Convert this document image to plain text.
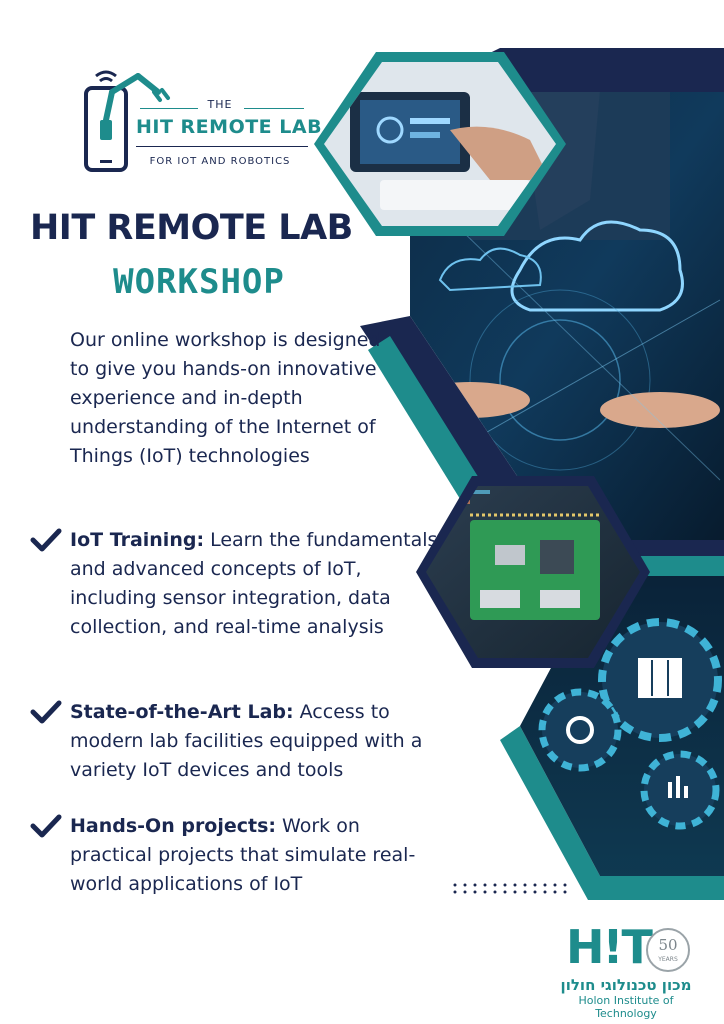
THE
HIT REMOTE LAB
FOR IOT AND ROBOTICS
HIT REMOTE LAB
WORKSHOP
Our online workshop is designed to give you hands-on innovative experience and in-depth understanding of the Internet of Things (IoT) technologies
IoT Training: Learn the fundamentals and advanced concepts of IoT, including sensor integration, data collection, and real-time analysis
State-of-the-Art Lab: Access to modern lab facilities equipped with a variety IoT devices and tools
Hands-On projects: Work on practical projects that simulate real-world applications of IoT
H!T 50
YEARS
מכון טכנולוגי חולון
Holon Institute of Technology
